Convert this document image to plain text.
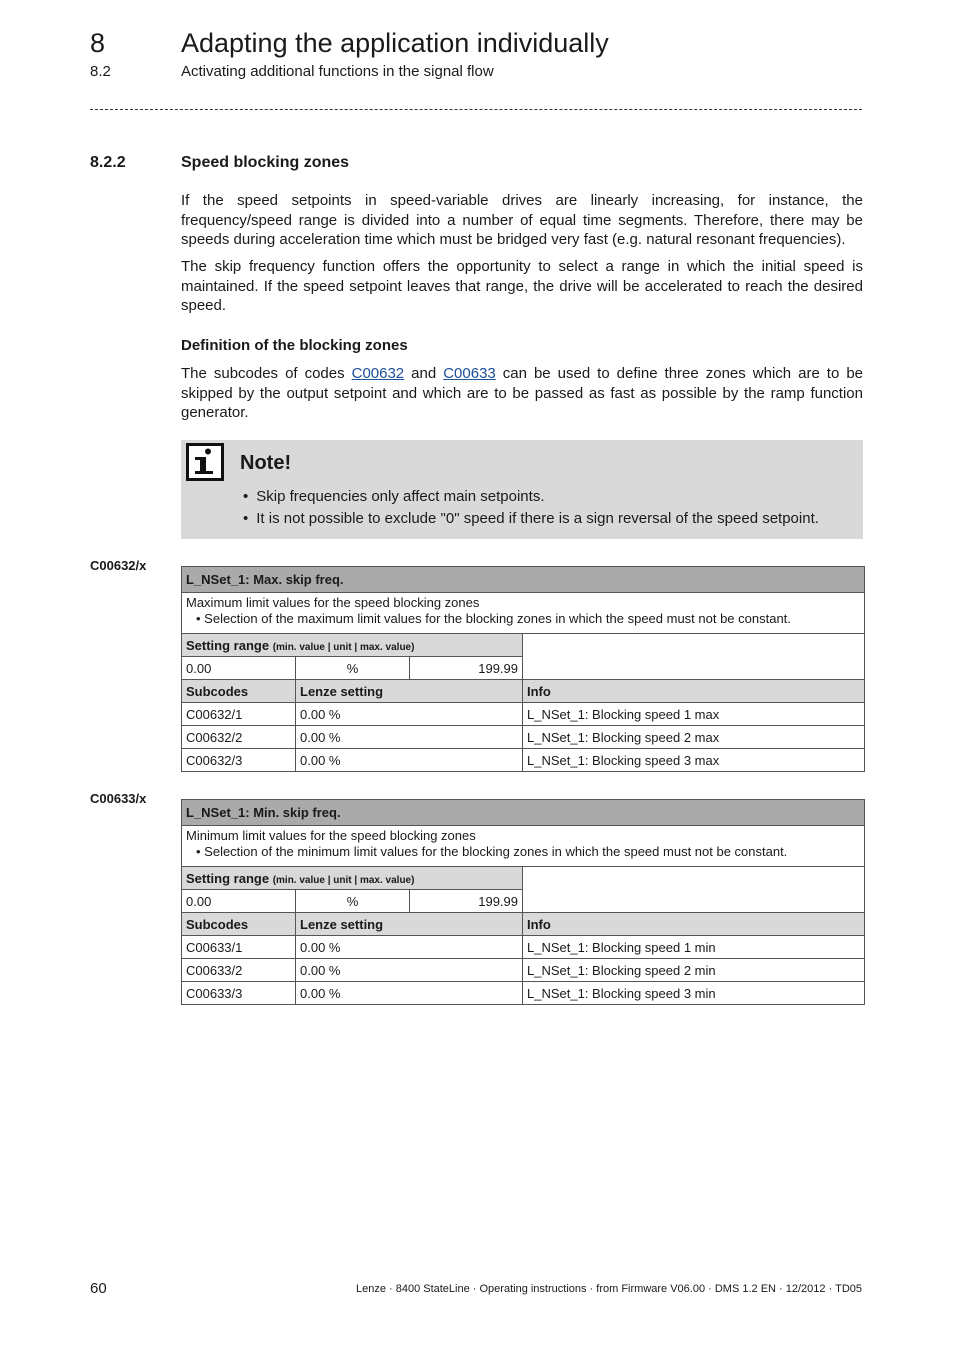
8	Adapting the application individually
8.2	Activating additional functions in the signal flow
8.2.2	Speed blocking zones
If the speed setpoints in speed-variable drives are linearly increasing, for instance, the frequency/speed range is divided into a number of equal time segments. Therefore, there may be speeds during acceleration time which must be bridged very fast (e.g. natural resonant frequencies).
The skip frequency function offers the opportunity to select a range in which the initial speed is maintained. If the speed setpoint leaves that range, the drive will be accelerated to reach the desired speed.
Definition of the blocking zones
The subcodes of codes C00632 and C00633 can be used to define three zones which are to be skipped by the output setpoint and which are to be passed as fast as possible by the ramp function generator.
Note!
• Skip frequencies only affect main setpoints.
• It is not possible to exclude "0" speed if there is a sign reversal of the speed setpoint.
C00632/x
L_NSet_1: Max. skip freq.			

Maximum limit values for the speed blocking zones
• Selection of the maximum limit values for the blocking zones in which the speed must not be constant.			

Setting range (min. value | unit | max. value)			
0.00	%	199.99	
Subcodes	Lenze setting		Info
C00632/1	0.00 %		L_NSet_1: Blocking speed 1 max
C00632/2	0.00 %		L_NSet_1: Blocking speed 2 max
C00632/3	0.00 %		L_NSet_1: Blocking speed 3 max
C00633/x
L_NSet_1: Min. skip freq.			

Minimum limit values for the speed blocking zones
• Selection of the minimum limit values for the blocking zones in which the speed must not be constant.			

Setting range (min. value | unit | max. value)			
0.00	%	199.99	
Subcodes	Lenze setting		Info
C00633/1	0.00 %		L_NSet_1: Blocking speed 1 min
C00633/2	0.00 %		L_NSet_1: Blocking speed 2 min
C00633/3	0.00 %		L_NSet_1: Blocking speed 3 min
60	Lenze · 8400 StateLine · Operating instructions · from Firmware V06.00 · DMS 1.2 EN · 12/2012 · TD05
